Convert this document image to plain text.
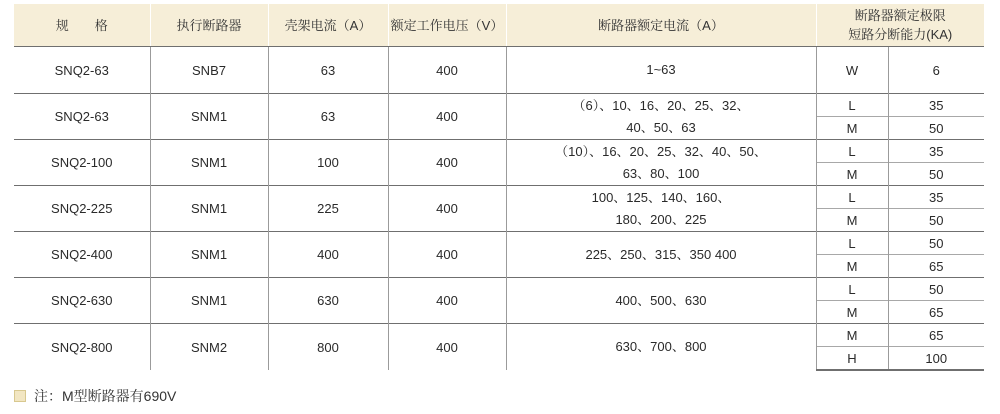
规　　格	执行断路器	壳架电流（A）	额定工作电压（V）	断路器额定电流（A）	断路器额定极限
短路分断能力(KA)	

SNQ2-63	SNB7	63	400	1~63	W	6
SNQ2-63	SNM1	63	400	（6）、10、16、20、25、32、
40、50、63	L	35
					M	50
SNQ2-100	SNM1	100	400	（10）、16、20、25、32、40、50、
63、80、100	L	35
					M	50
SNQ2-225	SNM1	225	400	100、125、140、160、
180、200、225	L	35
					M	50
SNQ2-400	SNM1	400	400	225、250、315、350 400	L	50
					M	65
SNQ2-630	SNM1	630	400	400、500、630	L	50
					M	65
SNQ2-800	SNM2	800	400	630、700、800	M	65
					H	100
注：M型断路器有690V
